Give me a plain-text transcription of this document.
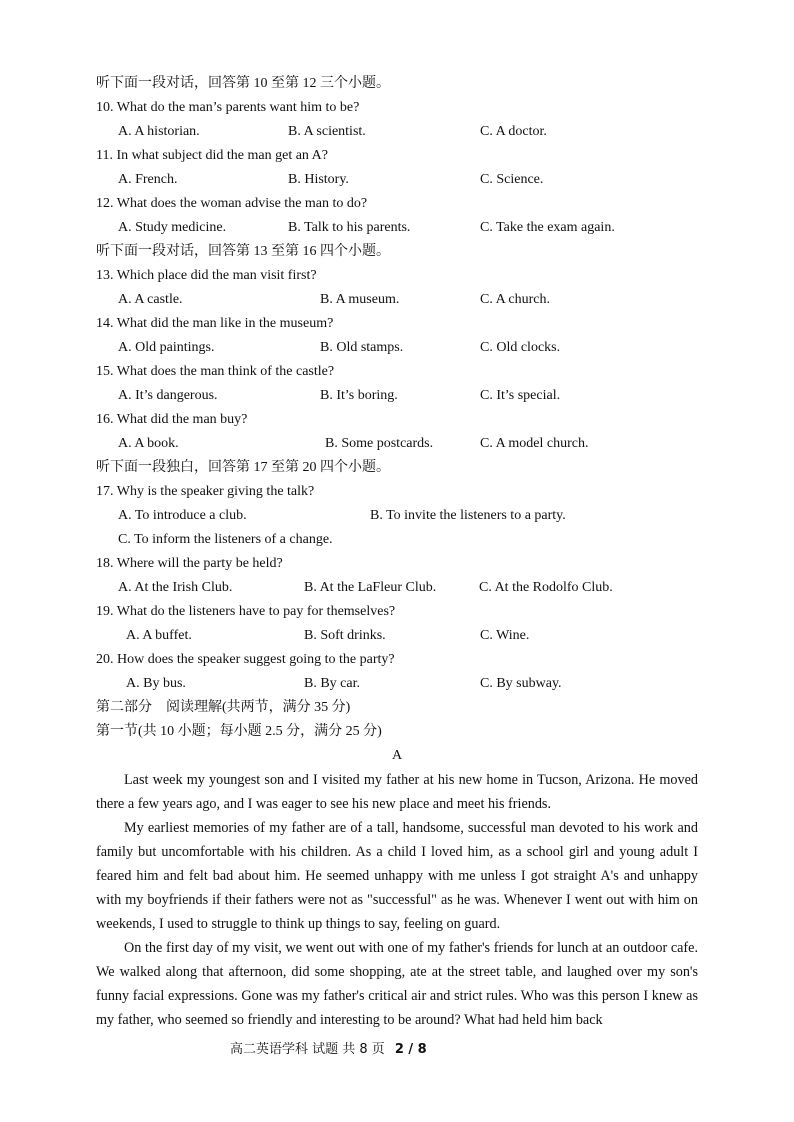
听下面一段对话，回答第 10 至第 12 三个小题。
10. What do the man’s parents want him to be?
A. A historian.	B. A scientist.	C. A doctor.
11. In what subject did the man get an A?
A. French.	B. History.	C. Science.
12. What does the woman advise the man to do?
A. Study medicine.	B. Talk to his parents.	C. Take the exam again.
听下面一段对话，回答第 13 至第 16 四个小题。
13. Which place did the man visit first?
A. A castle.	B. A museum.	C. A church.
14. What did the man like in the museum?
A. Old paintings.	B. Old stamps.	C. Old clocks.
15. What does the man think of the castle?
A. It’s dangerous.	B. It’s boring.	C. It’s special.
16. What did the man buy?
A. A book.	B. Some postcards.	C. A model church.
听下面一段独白，回答第 17 至第 20 四个小题。
17. Why is the speaker giving the talk?
A. To introduce a club.	B. To invite the listeners to a party.
C. To inform the listeners of a change.
18. Where will the party be held?
A. At the Irish Club.	B. At the LaFleur Club.	C. At the Rodolfo Club.
19. What do the listeners have to pay for themselves?
A. A buffet.	B. Soft drinks.	C. Wine.
20. How does the speaker suggest going to the party?
A. By bus.	B. By car.	C. By subway.
第二部分　阅读理解(共两节，满分 35 分)
第一节(共 10 小题；每小题 2.5 分，满分 25 分)
A

Last week my youngest son and I visited my father at his new home in Tucson, Arizona. He moved there a few years ago, and I was eager to see his new place and meet his friends.

My earliest memories of my father are of a tall, handsome, successful man devoted to his work and family but uncomfortable with his children. As a child I loved him, as a school girl and young adult I feared him and felt bad about him. He seemed unhappy with me unless I got straight A's and unhappy with my boyfriends if their fathers were not as "successful" as he was. Whenever I went out with him on weekends, I used to struggle to think up things to say, feeling on guard.

On the first day of my visit, we went out with one of my father's friends for lunch at an outdoor cafe. We walked along that afternoon, did some shopping, ate at the street table, and laughed over my son's funny facial expressions. Gone was my father's critical air and strict rules. Who was this person I knew as my father, who seemed so friendly and interesting to be around? What had held him back

高二英语学科 试题 共 8 页 2 / 8
